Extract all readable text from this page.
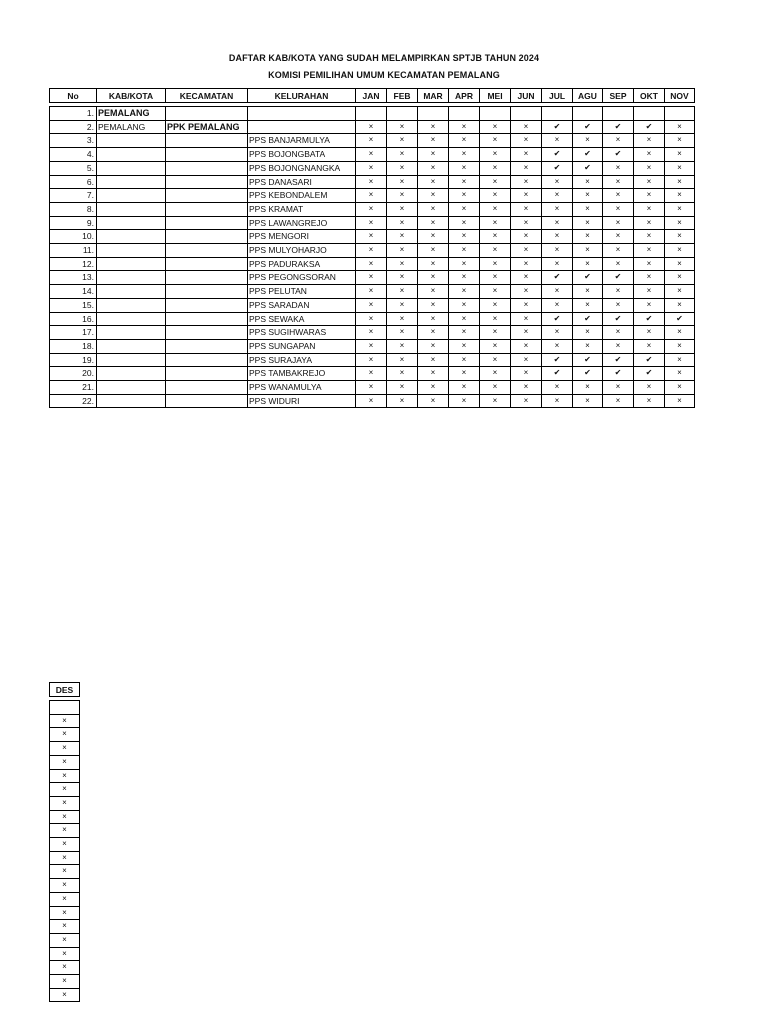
DAFTAR KAB/KOTA YANG SUDAH MELAMPIRKAN SPTJB TAHUN 2024
KOMISI PEMILIHAN UMUM KECAMATAN PEMALANG
No	KAB/KOTA	KECAMATAN	KELURAHAN	JAN	FEB	MAR	APR	MEI	JUN	JUL	AGU	SEP	OKT	NOV

1.	PEMALANG													
2.	PEMALANG	PPK PEMALANG		×	×	×	×	×	×	✔	✔	✔	✔	×
3.			PPS BANJARMULYA	×	×	×	×	×	×	×	×	×	×	×
4.			PPS BOJONGBATA	×	×	×	×	×	×	✔	✔	✔	×	×
5.			PPS BOJONGNANGKA	×	×	×	×	×	×	✔	✔	×	×	×
6.			PPS DANASARI	×	×	×	×	×	×	×	×	×	×	×
7.			PPS KEBONDALEM	×	×	×	×	×	×	×	×	×	×	×
8.			PPS KRAMAT	×	×	×	×	×	×	×	×	×	×	×
9.			PPS LAWANGREJO	×	×	×	×	×	×	×	×	×	×	×
10.			PPS MENGORI	×	×	×	×	×	×	×	×	×	×	×
11.			PPS MULYOHARJO	×	×	×	×	×	×	×	×	×	×	×
12.			PPS PADURAKSA	×	×	×	×	×	×	×	×	×	×	×
13.			PPS PEGONGSORAN	×	×	×	×	×	×	✔	✔	✔	×	×
14.			PPS PELUTAN	×	×	×	×	×	×	×	×	×	×	×
15.			PPS SARADAN	×	×	×	×	×	×	×	×	×	×	×
16.			PPS SEWAKA	×	×	×	×	×	×	✔	✔	✔	✔	✔
17.			PPS SUGIHWARAS	×	×	×	×	×	×	×	×	×	×	×
18.			PPS SUNGAPAN	×	×	×	×	×	×	×	×	×	×	×
19.			PPS SURAJAYA	×	×	×	×	×	×	✔	✔	✔	✔	×
20.			PPS TAMBAKREJO	×	×	×	×	×	×	✔	✔	✔	✔	×
21.			PPS WANAMULYA	×	×	×	×	×	×	×	×	×	×	×
22.			PPS WIDURI	×	×	×	×	×	×	×	×	×	×	×
DES

×
×
×
×
×
×
×
×
×
×
×
×
×
×
×
×
×
×
×
×
×
